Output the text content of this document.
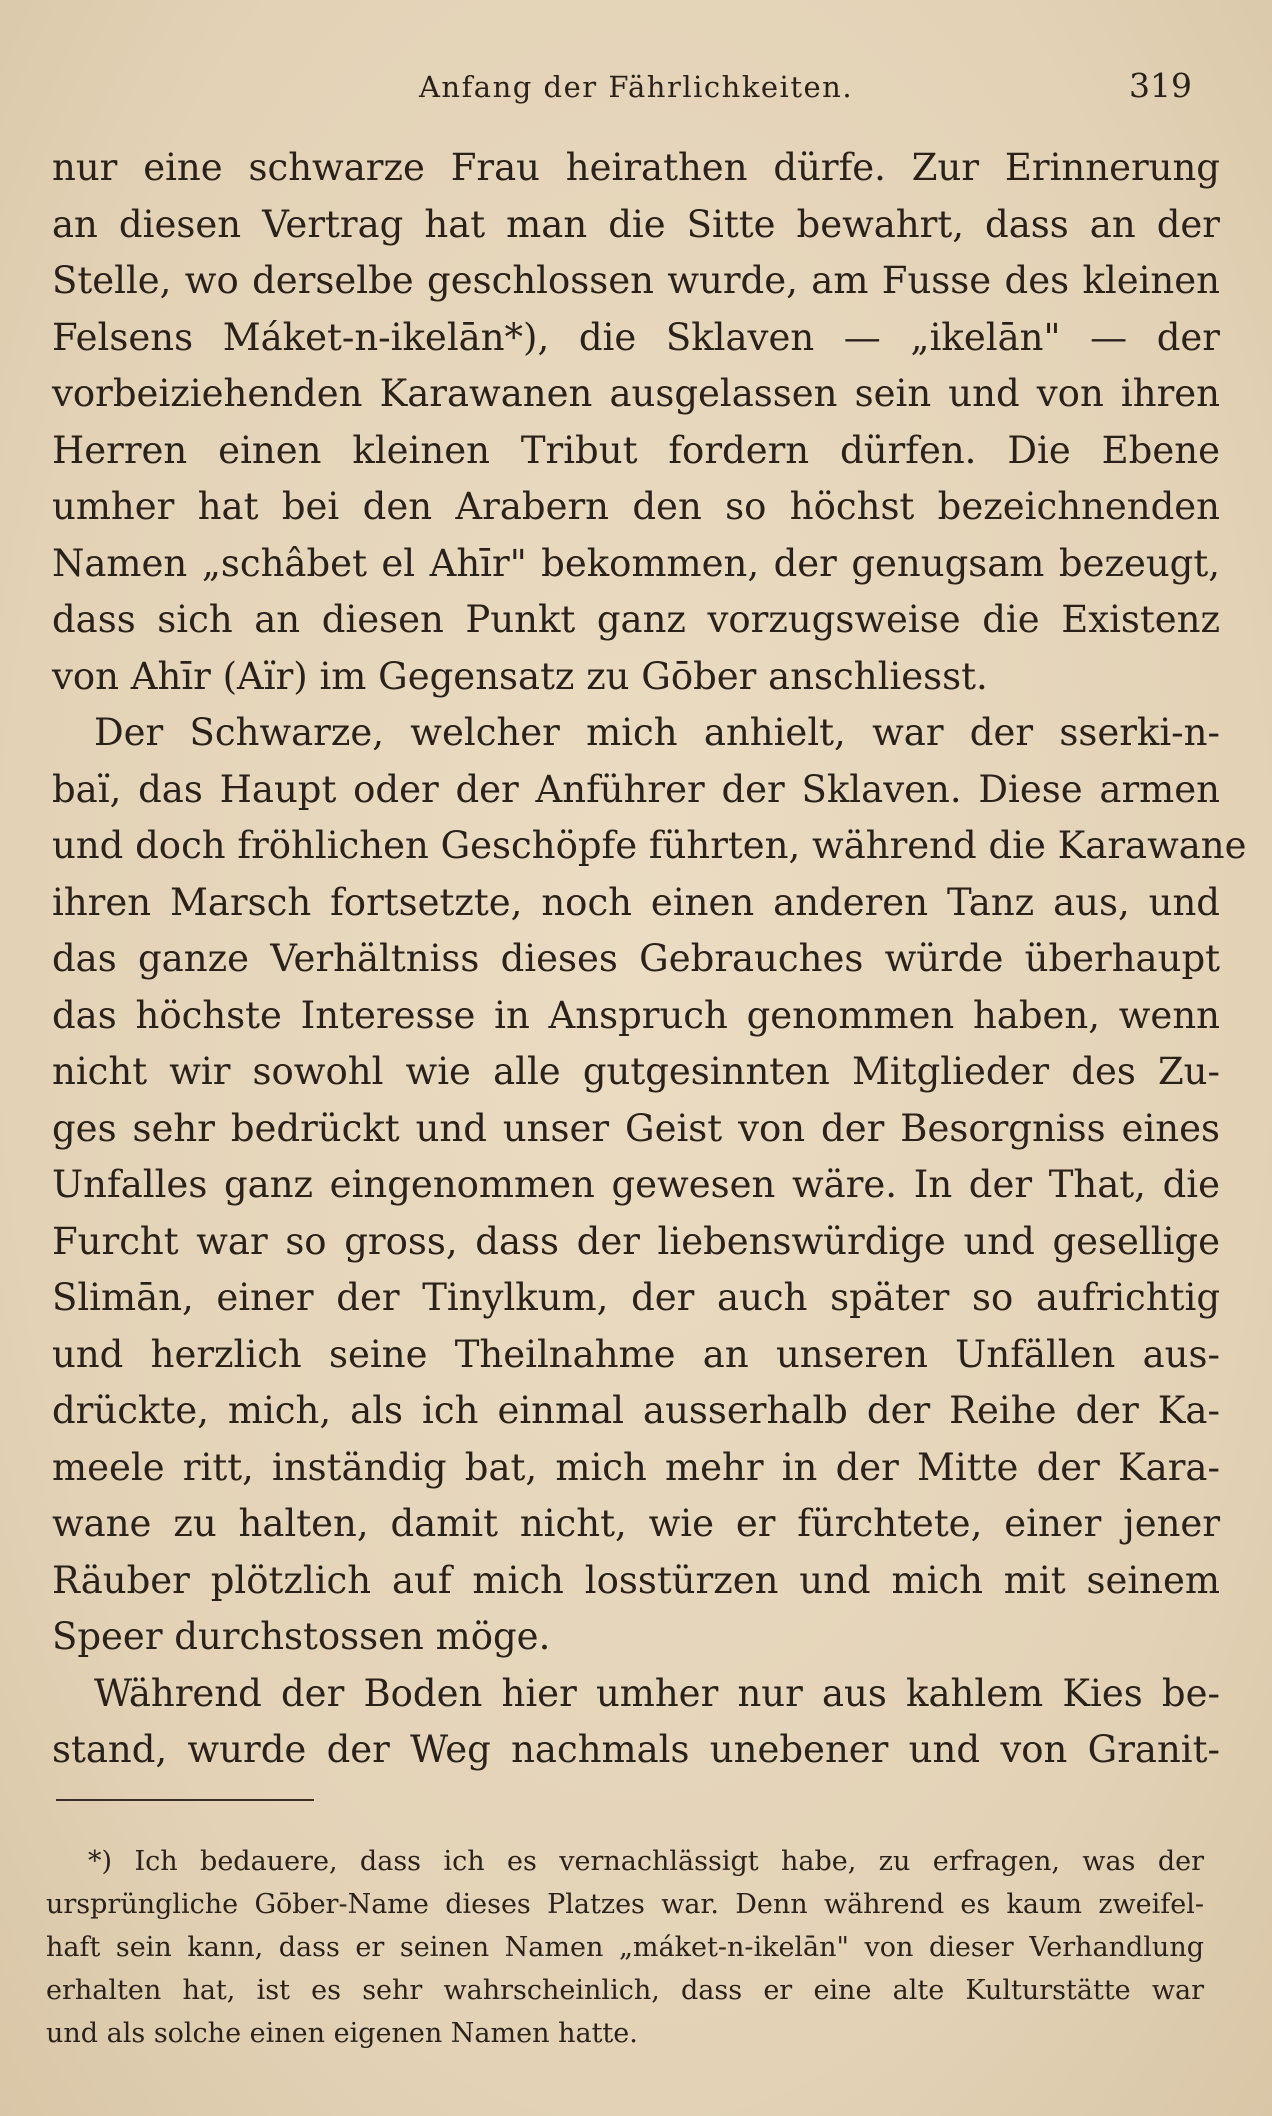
Anfang der Fährlichkeiten.	319
nur eine schwarze Frau heirathen dürfe. Zur Erinnerung
an diesen Vertrag hat man die Sitte bewahrt, dass an der
Stelle, wo derselbe geschlossen wurde, am Fusse des kleinen
Felsens Máket-n-ikelān*), die Sklaven — „ikelān" — der
vorbeiziehenden Karawanen ausgelassen sein und von ihren
Herren einen kleinen Tribut fordern dürfen. Die Ebene
umher hat bei den Arabern den so höchst bezeichnenden
Namen „schâbet el Ahīr" bekommen, der genugsam bezeugt,
dass sich an diesen Punkt ganz vorzugsweise die Existenz
von Ahīr (Aïr) im Gegensatz zu Gōber anschliesst.
Der Schwarze, welcher mich anhielt, war der sserki-n-
baï, das Haupt oder der Anführer der Sklaven. Diese armen
und doch fröhlichen Geschöpfe führten, während die Karawane
ihren Marsch fortsetzte, noch einen anderen Tanz aus, und
das ganze Verhältniss dieses Gebrauches würde überhaupt
das höchste Interesse in Anspruch genommen haben, wenn
nicht wir sowohl wie alle gutgesinnten Mitglieder des Zu-
ges sehr bedrückt und unser Geist von der Besorgniss eines
Unfalles ganz eingenommen gewesen wäre. In der That, die
Furcht war so gross, dass der liebenswürdige und gesellige
Slimān, einer der Tinylkum, der auch später so aufrichtig
und herzlich seine Theilnahme an unseren Unfällen aus-
drückte, mich, als ich einmal ausserhalb der Reihe der Ka-
meele ritt, inständig bat, mich mehr in der Mitte der Kara-
wane zu halten, damit nicht, wie er fürchtete, einer jener
Räuber plötzlich auf mich losstürzen und mich mit seinem
Speer durchstossen möge.
Während der Boden hier umher nur aus kahlem Kies be-
stand, wurde der Weg nachmals unebener und von Granit-
*) Ich bedauere, dass ich es vernachlässigt habe, zu erfragen, was der
ursprüngliche Gōber-Name dieses Platzes war. Denn während es kaum zweifel-
haft sein kann, dass er seinen Namen „máket-n-ikelān" von dieser Verhandlung
erhalten hat, ist es sehr wahrscheinlich, dass er eine alte Kulturstätte war
und als solche einen eigenen Namen hatte.
